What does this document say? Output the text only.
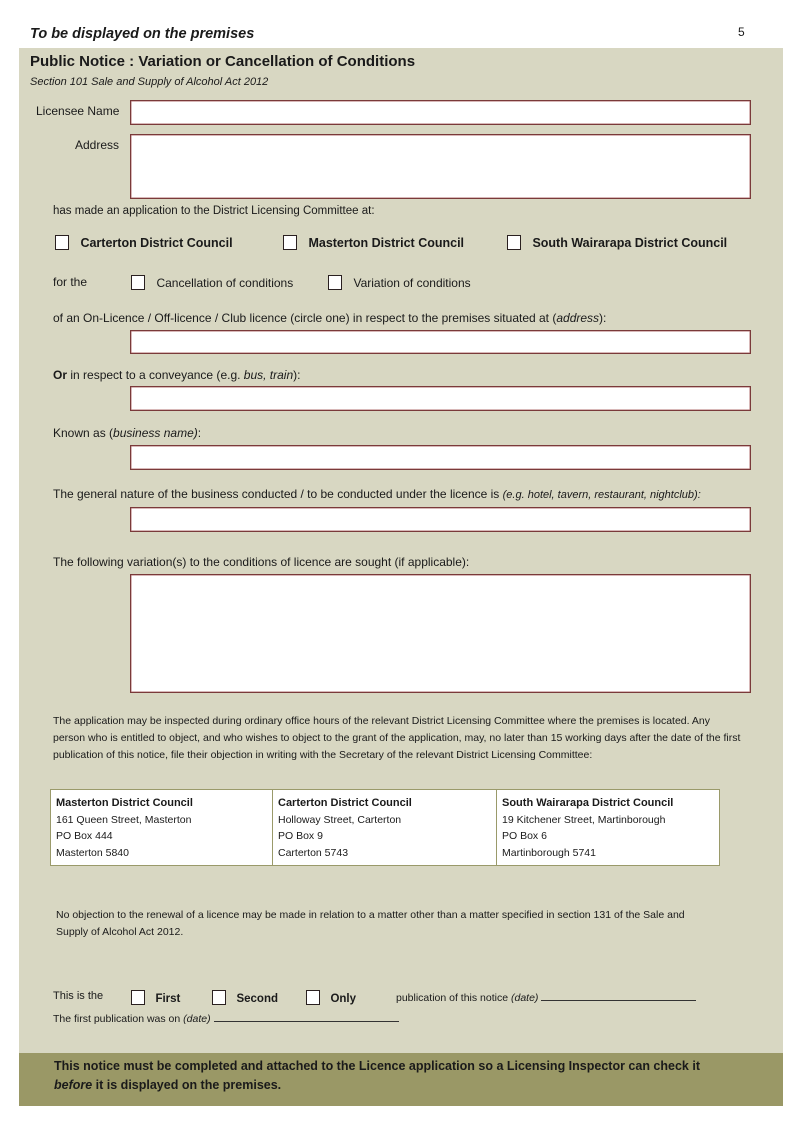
To be displayed on the premises	5
Public Notice : Variation or Cancellation of Conditions
Section 101 Sale and Supply of Alcohol Act 2012
Licensee Name
Address
has made an application to the District Licensing Committee at:
Carterton District Council	Masterton District Council	South Wairarapa District Council
for the	Cancellation of conditions	Variation of conditions
of an On-Licence / Off-licence / Club licence (circle one) in respect to the premises situated at (address):
Or in respect to a conveyance (e.g. bus, train):
Known as (business name):
The general nature of the business conducted / to be conducted under the licence is (e.g. hotel, tavern, restaurant, nightclub):
The following variation(s) to the conditions of licence are sought (if applicable):
The application may be inspected during ordinary office hours of the relevant District Licensing Committee where the premises is located. Any person who is entitled to object, and who wishes to object to the grant of the application, may, no later than 15 working days after the date of the first publication of this notice, file their objection in writing with the Secretary of the relevant District Licensing Committee:
Masterton District Council
161 Queen Street, Masterton
PO Box 444
Masterton 5840
Carterton District Council
Holloway Street, Carterton
PO Box 9
Carterton 5743
South Wairarapa District Council
19 Kitchener Street, Martinborough
PO Box 6
Martinborough 5741
No objection to the renewal of a licence may be made in relation to a matter other than a matter specified in section 131 of the Sale and Supply of Alcohol Act 2012.
This is the	First	Second	Only	publication of this notice (date)
The first publication was on (date)
This notice must be completed and attached to the Licence application so a Licensing Inspector can check it
before it is displayed on the premises.
